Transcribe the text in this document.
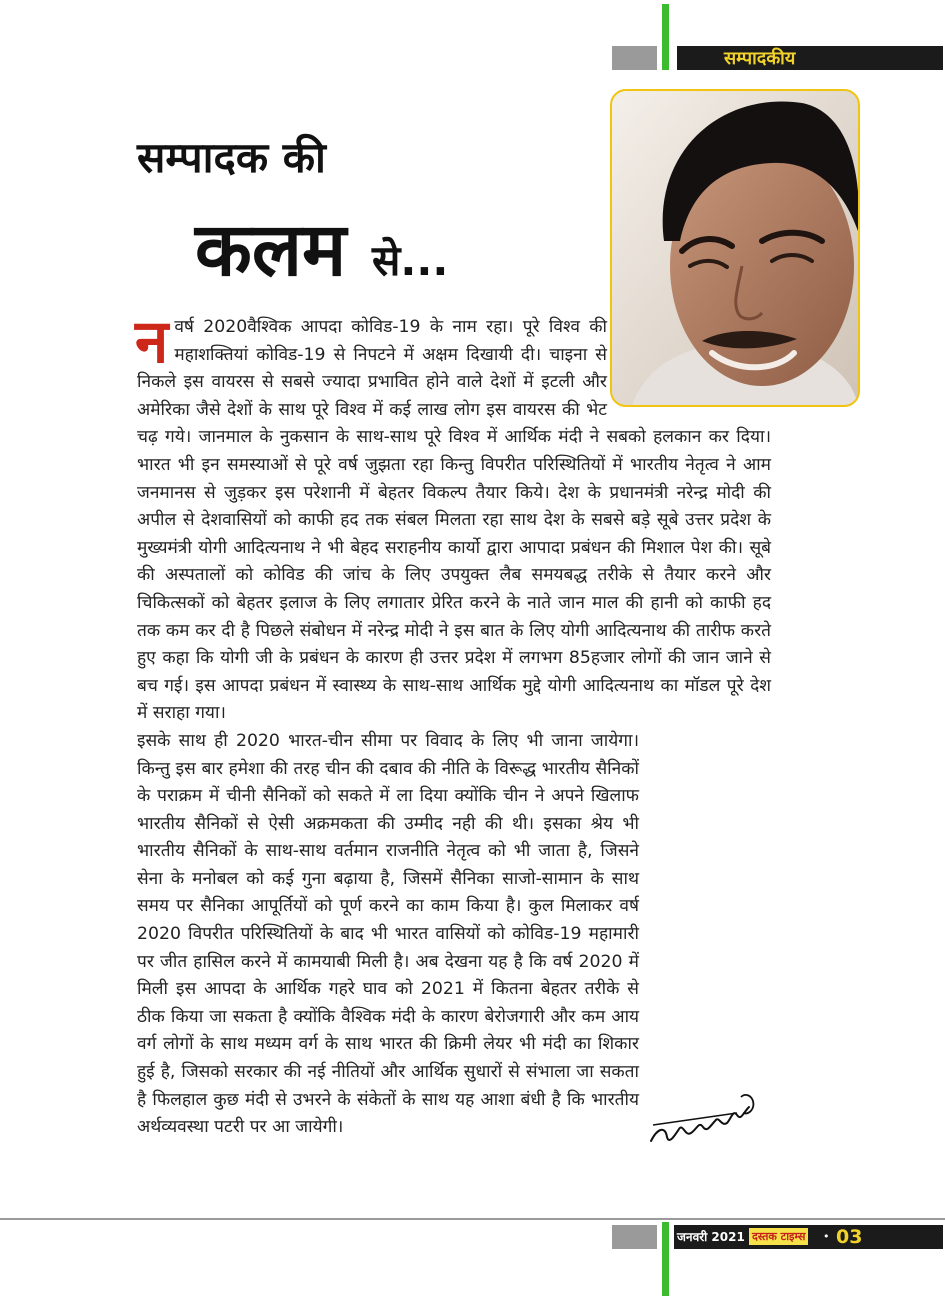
सम्पादकीय
सम्पादक की
कलम से...

नवर्ष 2020वैश्विक आपदा कोविड-19 के नाम रहा। पूरे विश्व की महाशक्तियां कोविड-19 से निपटने में अक्षम दिखायी दी। चाइना से निकले इस वायरस से सबसे ज्यादा प्रभावित होने वाले देशों में इटली और अमेरिका जैसे देशों के साथ पूरे विश्व में कई लाख लोग इस वायरस की भेट चढ़ गये। जानमाल के नुकसान के साथ-साथ पूरे विश्व में आर्थिक मंदी ने सबको हलकान कर दिया। भारत भी इन समस्याओं से पूरे वर्ष जुझता रहा किन्तु विपरीत परिस्थितियों में भारतीय नेतृत्व ने आम जनमानस से जुड़कर इस परेशानी में बेहतर विकल्प तैयार किये। देश के प्रधानमंत्री नरेन्द्र मोदी की अपील से देशवासियों को काफी हद तक संबल मिलता रहा साथ देश के सबसे बड़े सूबे उत्तर प्रदेश के मुख्यमंत्री योगी आदित्यनाथ ने भी बेहद सराहनीय कार्यो द्वारा आपादा प्रबंधन की मिशाल पेश की। सूबे की अस्पतालों को कोविड की जांच के लिए उपयुक्त लैब समयबद्ध तरीके से तैयार करने और चिकित्सकों को बेहतर इलाज के लिए लगातार प्रेरित करने के नाते जान माल की हानी को काफी हद तक कम कर दी है पिछले संबोधन में नरेन्द्र मोदी ने इस बात के लिए योगी आदित्यनाथ की तारीफ करते हुए कहा कि योगी जी के प्रबंधन के कारण ही उत्तर प्रदेश में लगभग 85हजार लोगों की जान जाने से बच गई। इस आपदा प्रबंधन में स्वास्थ्य के साथ-साथ आर्थिक मुद्दे योगी आदित्यनाथ का मॉडल पूरे देश में सराहा गया।

इसके साथ ही 2020 भारत-चीन सीमा पर विवाद के लिए भी जाना जायेगा। किन्तु इस बार हमेशा की तरह चीन की दबाव की नीति के विरूद्ध भारतीय सैनिकों के पराक्रम में चीनी सैनिकों को सकते में ला दिया क्योंकि चीन ने अपने खिलाफ भारतीय सैनिकों से ऐसी अक्रमकता की उम्मीद नही की थी। इसका श्रेय भी भारतीय सैनिकों के साथ-साथ वर्तमान राजनीति नेतृत्व को भी जाता है, जिसने सेना के मनोबल को कई गुना बढ़ाया है, जिसमें सैनिका साजो-सामान के साथ समय पर सैनिका आपूर्तियों को पूर्ण करने का काम किया है। कुल मिलाकर वर्ष 2020 विपरीत परिस्थितियों के बाद भी भारत वासियों को कोविड-19 महामारी पर जीत हासिल करने में कामयाबी मिली है। अब देखना यह है कि वर्ष 2020 में मिली इस आपदा के आर्थिक गहरे घाव को 2021 में कितना बेहतर तरीके से ठीक किया जा सकता है क्योंकि वैश्विक मंदी के कारण बेरोजगारी और कम आय वर्ग लोगों के साथ मध्यम वर्ग के साथ भारत की क्रिमी लेयर भी मंदी का शिकार हुई है, जिसको सरकार की नई नीतियों और आर्थिक सुधारों से संभाला जा सकता है फिलहाल कुछ मंदी से उभरने के संकेतों के साथ यह आशा बंधी है कि भारतीय अर्थव्यवस्था पटरी पर आ जायेगी।

जनवरी 2021 दस्तक टाइम्स • 03
